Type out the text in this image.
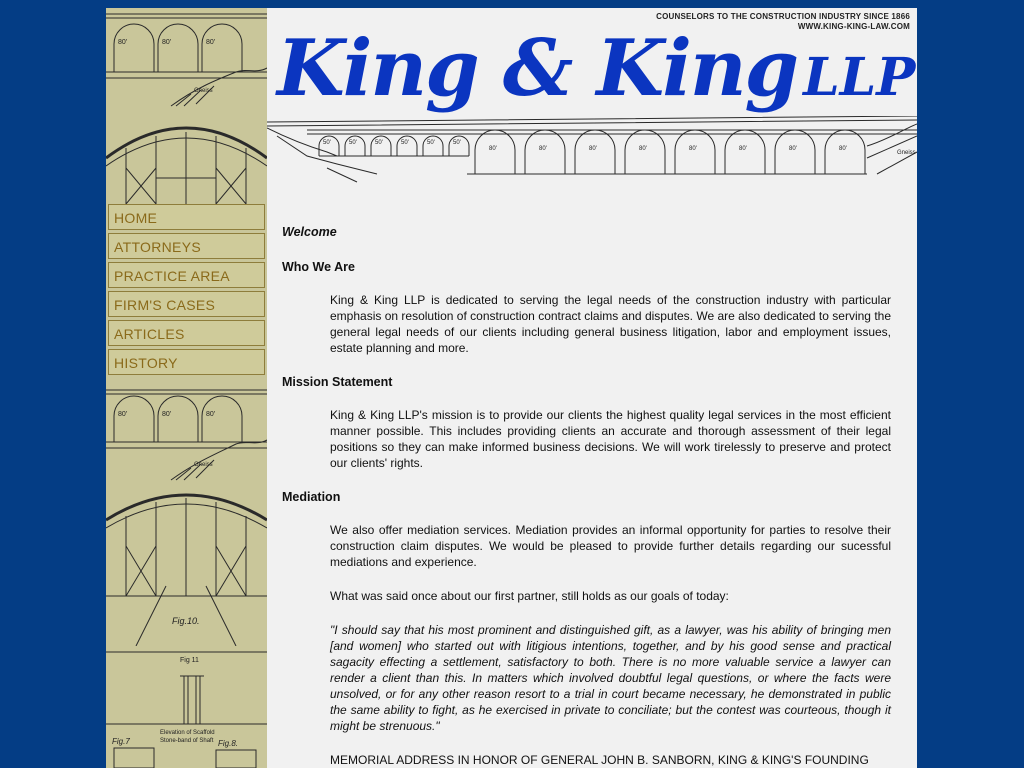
80'	80'	80'
Gneiss
HOME
ATTORNEYS
PRACTICE AREA
FIRM'S CASES
ARTICLES
HISTORY
80'	80'	80'
Gneiss
Fig.10.
Fig 11
Fig.7
Elevation of Scaffold
Stone-band of Shaft Fig.8.
COUNSELORS TO THE CONSTRUCTION INDUSTRY SINCE 1866
WWW.KING-KING-LAW.COM
King & King LLP
50'	50'	50'	50'	50'	50'
80'	80'	80'	80'	80'	80'	80'	80'
Gneiss
Welcome
Who We Are
King & King LLP is dedicated to serving the legal needs of the construction industry with particular emphasis on resolution of construction contract claims and disputes. We are also dedicated to serving the general legal needs of our clients including general business litigation, labor and employment issues, estate planning and more.
Mission Statement
King & King LLP's mission is to provide our clients the highest quality legal services in the most efficient manner possible. This includes providing clients an accurate and thorough assessment of their legal positions so they can make informed business decisions. We will work tirelessly to preserve and protect our clients' rights.
Mediation
We also offer mediation services. Mediation provides an informal opportunity for parties to resolve their construction claim disputes. We would be pleased to provide further details regarding our sucessful mediations and experience.
What was said once about our first partner, still holds as our goals of today:
"I should say that his most prominent and distinguished gift, as a lawyer, was his ability of bringing men [and women] who started out with litigious intentions, together, and by his good sense and practical sagacity effecting a settlement, satisfactory to both. There is no more valuable service a lawyer can render a client than this. In matters which involved doubtful legal questions, or where the facts were unsolved, or for any other reason resort to a trial in court became necessary, he demonstrated in public the same ability to fight, as he exercised in private to conciliate; but the contest was courteous, though it might be strenuous."
MEMORIAL ADDRESS IN HONOR OF GENERAL JOHN B. SANBORN, KING & KING'S FOUNDING
